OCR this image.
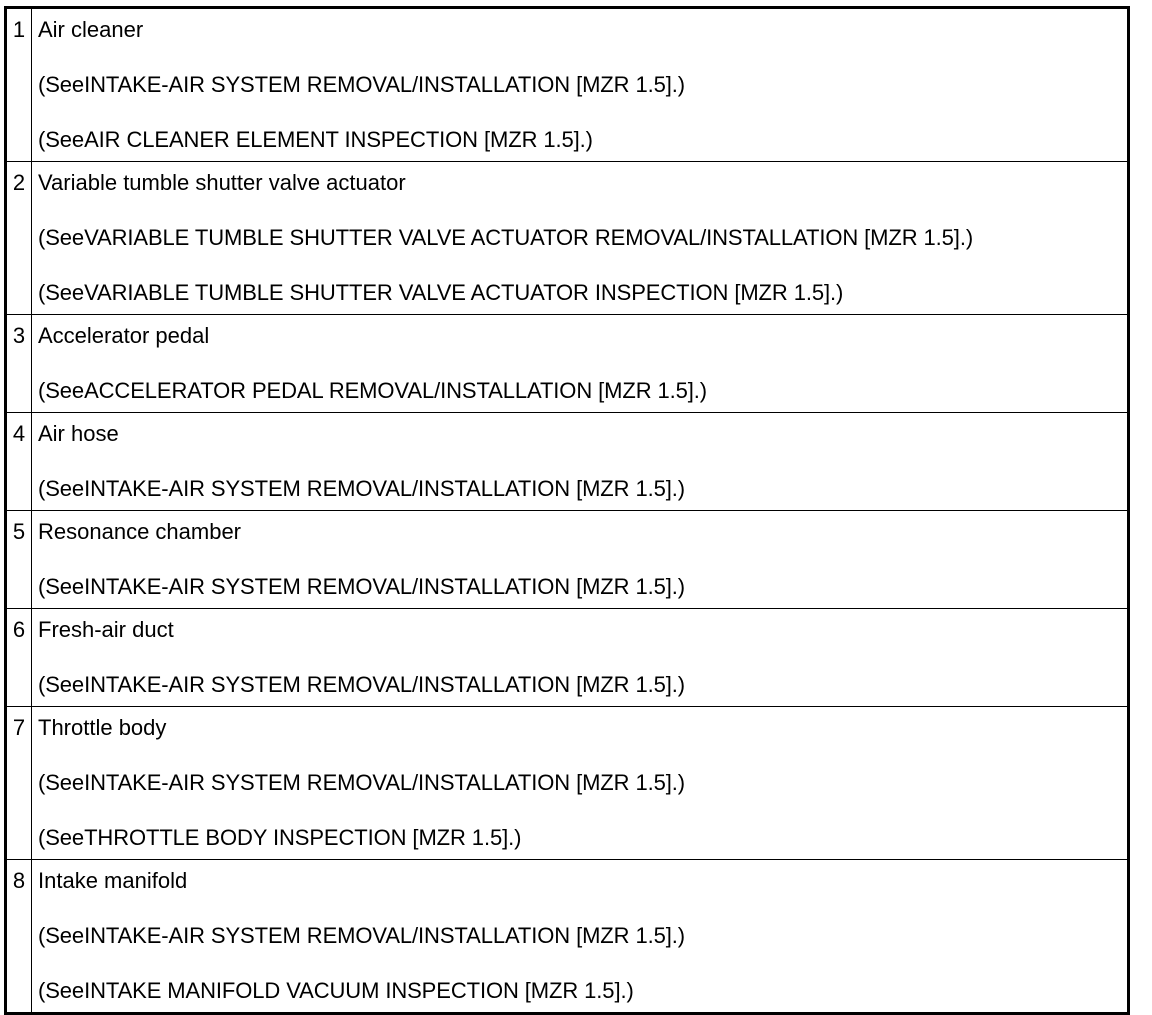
1	Air cleaner
(SeeINTAKE-AIR SYSTEM REMOVAL/INSTALLATION [MZR 1.5].)
(SeeAIR CLEANER ELEMENT INSPECTION [MZR 1.5].)

2	Variable tumble shutter valve actuator
(SeeVARIABLE TUMBLE SHUTTER VALVE ACTUATOR REMOVAL/INSTALLATION [MZR 1.5].)
(SeeVARIABLE TUMBLE SHUTTER VALVE ACTUATOR INSPECTION [MZR 1.5].)

3	Accelerator pedal
(SeeACCELERATOR PEDAL REMOVAL/INSTALLATION [MZR 1.5].)

4	Air hose
(SeeINTAKE-AIR SYSTEM REMOVAL/INSTALLATION [MZR 1.5].)

5	Resonance chamber
(SeeINTAKE-AIR SYSTEM REMOVAL/INSTALLATION [MZR 1.5].)

6	Fresh-air duct
(SeeINTAKE-AIR SYSTEM REMOVAL/INSTALLATION [MZR 1.5].)

7	Throttle body
(SeeINTAKE-AIR SYSTEM REMOVAL/INSTALLATION [MZR 1.5].)
(SeeTHROTTLE BODY INSPECTION [MZR 1.5].)

8	Intake manifold
(SeeINTAKE-AIR SYSTEM REMOVAL/INSTALLATION [MZR 1.5].)
(SeeINTAKE MANIFOLD VACUUM INSPECTION [MZR 1.5].)
